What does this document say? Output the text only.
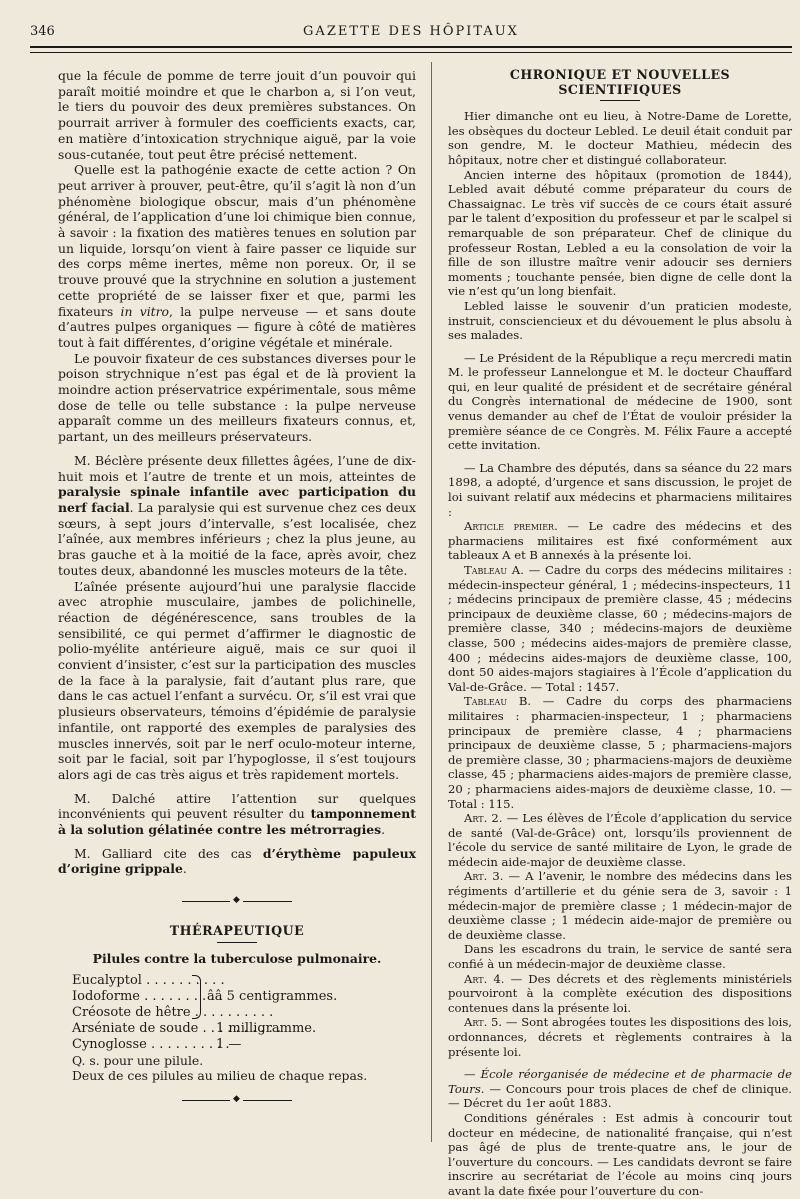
346	GAZETTE DES HÔPITAUX

que la fécule de pomme de terre jouit d’un pouvoir qui paraît moitié moindre et que le charbon a, si l’on veut, le tiers du pouvoir des deux premières substances. On pourrait arriver à formuler des coefficients exacts, car, en matière d’intoxication strychnique aiguë, par la voie sous-cutanée, tout peut être précisé nettement.

Quelle est la pathogénie exacte de cette action ? On peut arriver à prouver, peut-être, qu’il s’agit là non d’un phénomène biologique obscur, mais d’un phénomène général, de l’application d’une loi chimique bien connue, à savoir : la fixation des matières tenues en solution par un liquide, lorsqu’on vient à faire passer ce liquide sur des corps même inertes, même non poreux. Or, il se trouve prouvé que la strychnine en solution a justement cette propriété de se laisser fixer et que, parmi les fixateurs in vitro, la pulpe nerveuse — et sans doute d’autres pulpes organiques — figure à côté de matières tout à fait différentes, d’origine végétale et minérale.

Le pouvoir fixateur de ces substances diverses pour le poison strychnique n’est pas égal et de là provient la moindre action préservatrice expérimentale, sous même dose de telle ou telle substance : la pulpe nerveuse apparaît comme un des meilleurs fixateurs connus, et, partant, un des meilleurs préservateurs.

M. Béclère présente deux fillettes âgées, l’une de dix-huit mois et l’autre de trente et un mois, atteintes de paralysie spinale infantile avec participation du nerf facial. La paralysie qui est survenue chez ces deux sœurs, à sept jours d’intervalle, s’est localisée, chez l’aînée, aux membres inférieurs ; chez la plus jeune, au bras gauche et à la moitié de la face, après avoir, chez toutes deux, abandonné les muscles moteurs de la tête.

L’aînée présente aujourd’hui une paralysie flaccide avec atrophie musculaire, jambes de polichinelle, réaction de dégénérescence, sans troubles de la sensibilité, ce qui permet d’affirmer le diagnostic de polio-myélite antérieure aiguë, mais ce sur quoi il convient d’insister, c’est sur la participation des muscles de la face à la paralysie, fait d’autant plus rare, que dans le cas actuel l’enfant a survécu. Or, s’il est vrai que plusieurs observateurs, témoins d’épidémie de paralysie infantile, ont rapporté des exemples de paralysies des muscles innervés, soit par le nerf oculo-moteur interne, soit par le facial, soit par l’hypoglosse, il s’est toujours alors agi de cas très aigus et très rapidement mortels.

M. Dalché attire l’attention sur quelques inconvénients qui peuvent résulter du tamponnement à la solution gélatinée contre les métrorragies.

M. Galliard cite des cas d’érythème papuleux d’origine grippale.

◆

THÉRAPEUTIQUE

Pilules contre la tuberculose pulmonaire.

Eucalyptol . . .
Iodoforme . . .
Créosote de hêtre . . .
ââ 5 centigrammes.
Arséniate de soude . . . 1 milligramme.
Cynoglosse . . .	1 —

Q. s. pour une pilule.

Deux de ces pilules au milieu de chaque repas.

◆

CHRONIQUE ET NOUVELLES SCIENTIFIQUES

Hier dimanche ont eu lieu, à Notre-Dame de Lorette, les obsèques du docteur Lebled. Le deuil était conduit par son gendre, M. le docteur Mathieu, médecin des hôpitaux, notre cher et distingué collaborateur.

Ancien interne des hôpitaux (promotion de 1844), Lebled avait débuté comme préparateur du cours de Chassaignac. Le très vif succès de ce cours était assuré par le talent d’exposition du professeur et par le scalpel si remarquable de son préparateur. Chef de clinique du professeur Rostan, Lebled a eu la consolation de voir la fille de son illustre maître venir adoucir ses derniers moments ; touchante pensée, bien digne de celle dont la vie n’est qu’un long bienfait.

Lebled laisse le souvenir d’un praticien modeste, instruit, consciencieux et du dévouement le plus absolu à ses malades.

— Le Président de la République a reçu mercredi matin M. le professeur Lannelongue et M. le docteur Chauffard qui, en leur qualité de président et de secrétaire général du Congrès international de médecine de 1900, sont venus demander au chef de l’État de vouloir présider la première séance de ce Congrès. M. Félix Faure a accepté cette invitation.

— La Chambre des députés, dans sa séance du 22 mars 1898, a adopté, d’urgence et sans discussion, le projet de loi suivant relatif aux médecins et pharmaciens militaires :

Article premier. — Le cadre des médecins et des pharmaciens militaires est fixé conformément aux tableaux A et B annexés à la présente loi.

Tableau A. — Cadre du corps des médecins militaires : médecin-inspecteur général, 1 ; médecins-inspecteurs, 11 ; médecins principaux de première classe, 45 ; médecins principaux de deuxième classe, 60 ; médecins-majors de première classe, 340 ; médecins-majors de deuxième classe, 500 ; médecins aides-majors de première classe, 400 ; médecins aides-majors de deuxième classe, 100, dont 50 aides-majors stagiaires à l’École d’application du Val-de-Grâce. — Total : 1457.

Tableau B. — Cadre du corps des pharmaciens militaires : pharmacien-inspecteur, 1 ; pharmaciens principaux de première classe, 4 ; pharmaciens principaux de deuxième classe, 5 ; pharmaciens-majors de première classe, 30 ; pharmaciens-majors de deuxième classe, 45 ; pharmaciens aides-majors de première classe, 20 ; pharmaciens aides-majors de deuxième classe, 10. — Total : 115.

Art. 2. — Les élèves de l’École d’application du service de santé (Val-de-Grâce) ont, lorsqu’ils proviennent de l’école du service de santé militaire de Lyon, le grade de médecin aide-major de deuxième classe.

Art. 3. — A l’avenir, le nombre des médecins dans les régiments d’artillerie et du génie sera de 3, savoir : 1 médecin-major de première classe ; 1 médecin-major de deuxième classe ; 1 médecin aide-major de première ou de deuxième classe.

Dans les escadrons du train, le service de santé sera confié à un médecin-major de deuxième classe.

Art. 4. — Des décrets et des règlements ministériels pourvoiront à la complète exécution des dispositions contenues dans la présente loi.

Art. 5. — Sont abrogées toutes les dispositions des lois, ordonnances, décrets et règlements contraires à la présente loi.

— École réorganisée de médecine et de pharmacie de Tours. — Concours pour trois places de chef de clinique. — Décret du 1er août 1883.

Conditions générales : Est admis à concourir tout docteur en médecine, de nationalité française, qui n’est pas âgé de plus de trente-quatre ans, le jour de l’ouverture du concours. — Les candidats devront se faire inscrire au secrétariat de l’école au moins cinq jours avant la date fixée pour l’ouverture du con-
